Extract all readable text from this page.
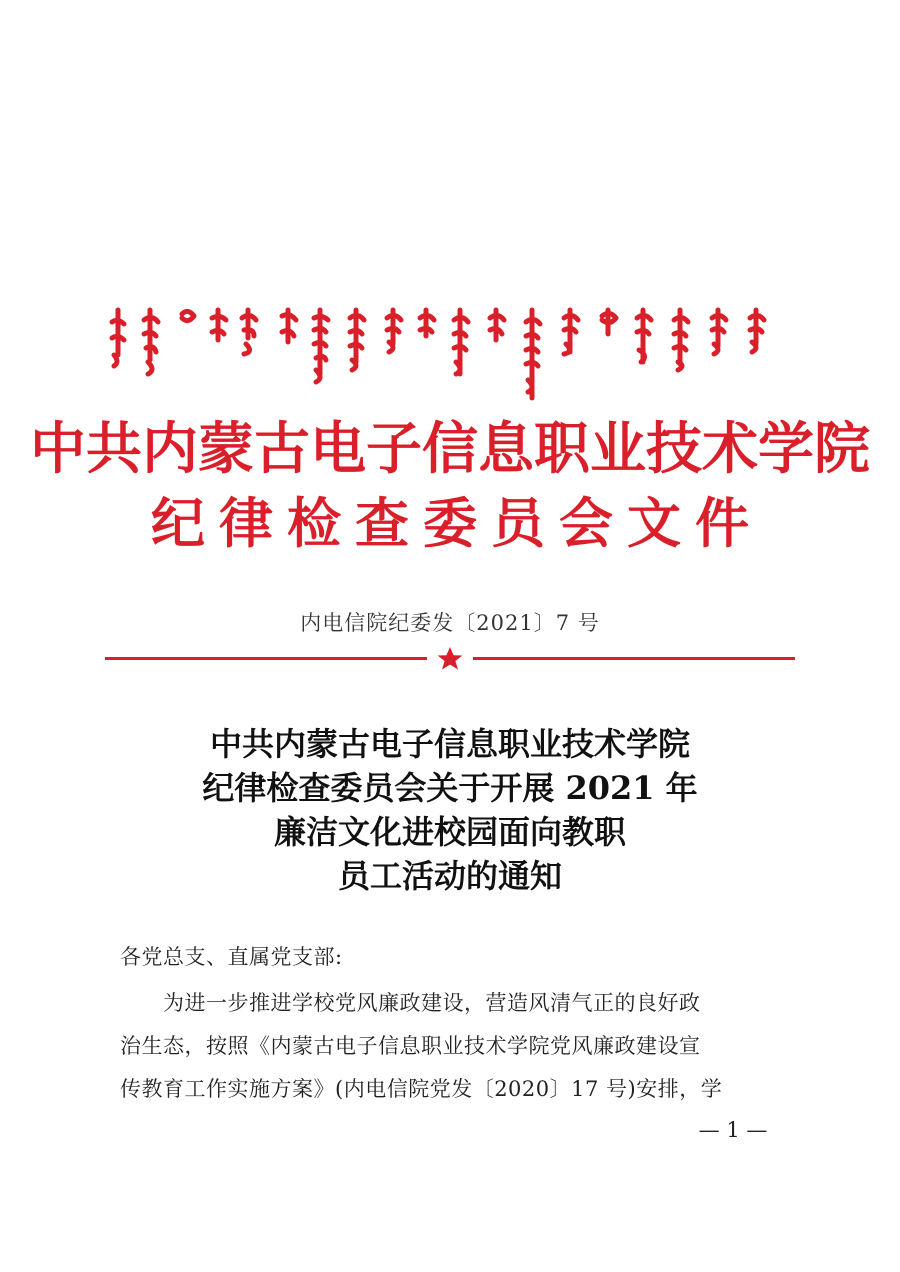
中共内蒙古电子信息职业技术学院
纪律检查委员会文件
内电信院纪委发〔2021〕7 号
中共内蒙古电子信息职业技术学院
纪律检查委员会关于开展 2021 年
廉洁文化进校园面向教职
员工活动的通知
各党总支、直属党支部:
为进一步推进学校党风廉政建设，营造风清气正的良好政
治生态，按照《内蒙古电子信息职业技术学院党风廉政建设宣
传教育工作实施方案》(内电信院党发〔2020〕17 号)安排，学
— 1 —
